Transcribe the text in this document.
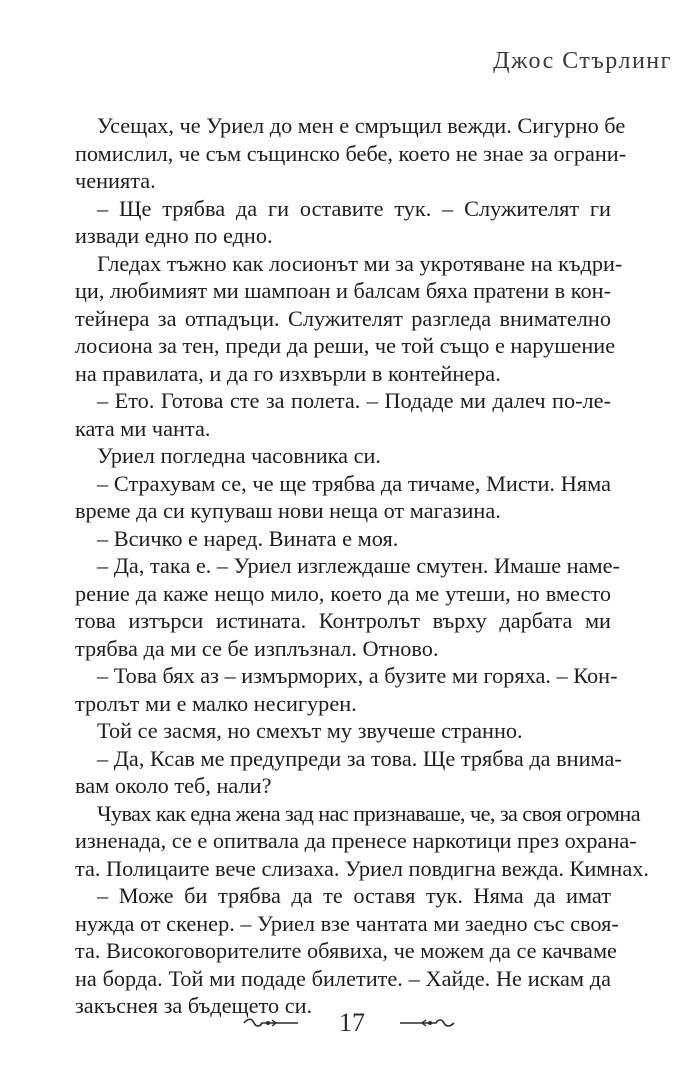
Джос Стърлинг
Усещах, че Уриел до мен е смръщил вежди. Сигурно бе
помислил, че съм същинско бебе, което не знае за ограни-
ченията.
– Ще трябва да ги оставите тук. – Служителят ги
извади едно по едно.
Гледах тъжно как лосионът ми за укротяване на къдри-
ци, любимият ми шампоан и балсам бяха пратени в кон-
тейнера за отпадъци. Служителят разгледа внимателно
лосиона за тен, преди да реши, че той също е нарушение
на правилата, и да го изхвърли в контейнера.
– Ето. Готова сте за полета. – Подаде ми далеч по-ле-
ката ми чанта.
Уриел погледна часовника си.
– Страхувам се, че ще трябва да тичаме, Мисти. Няма
време да си купуваш нови неща от магазина.
– Всичко е наред. Вината е моя.
– Да, така е. – Уриел изглеждаше смутен. Имаше наме-
рение да каже нещо мило, което да ме утеши, но вместо
това изтърси истината. Контролът върху дарбата ми
трябва да ми се бе изплъзнал. Отново.
– Това бях аз – измърморих, а бузите ми горяха. – Кон-
тролът ми е малко несигурен.
Той се засмя, но смехът му звучеше странно.
– Да, Ксав ме предупреди за това. Ще трябва да внима-
вам около теб, нали?
Чувах как една жена зад нас признаваше, че, за своя огромна
изненада, се е опитвала да пренесе наркотици през охрана-
та. Полицаите вече слизаха. Уриел повдигна вежда. Кимнах.
– Може би трябва да те оставя тук. Няма да имат
нужда от скенер. – Уриел взе чантата ми заедно със своя-
та. Високоговорителите обявиха, че можем да се качваме
на борда. Той ми подаде билетите. – Хайде. Не искам да
закъснея за бъдещето си.
17
